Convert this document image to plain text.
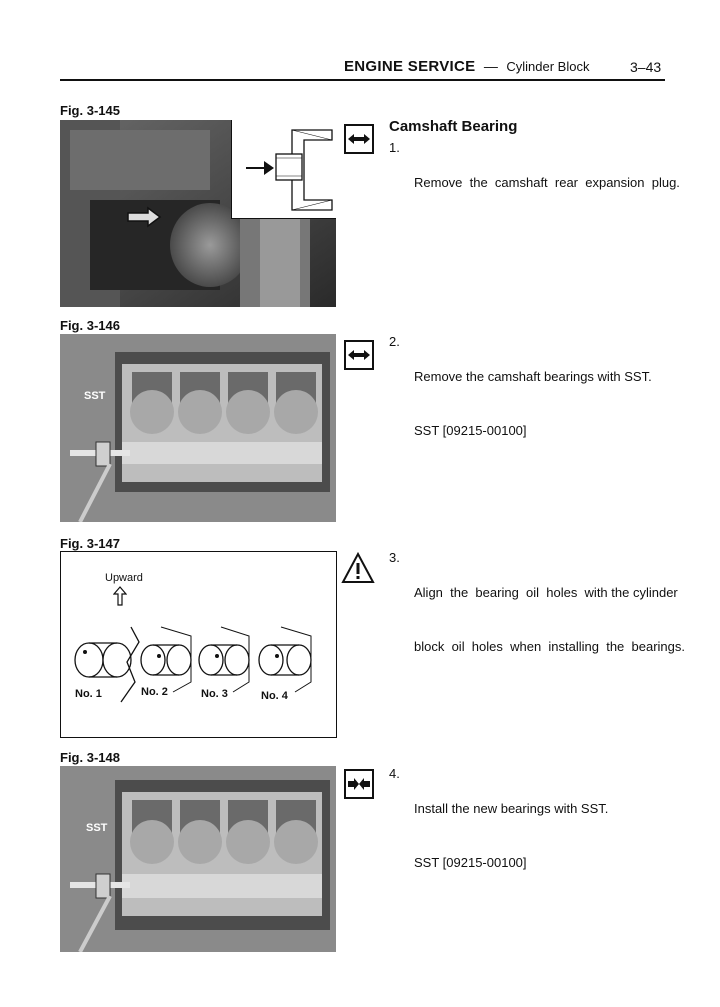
ENGINE SERVICE — Cylinder Block	3–43
Fig. 3-145
Fig. 3-146
SST
Fig. 3-147
Upward
No. 1	No. 2	No. 3	No. 4
Fig. 3-148
SST
Camshaft Bearing
1.

Remove  the  camshaft  rear  expansion  plug.

2.

Remove the camshaft bearings with SST.

SST [09215-00100]

3.

Align  the  bearing  oil  holes  with the cylinder

block  oil  holes  when  installing  the  bearings.

4.

Install the new bearings with SST.

SST [09215-00100]
